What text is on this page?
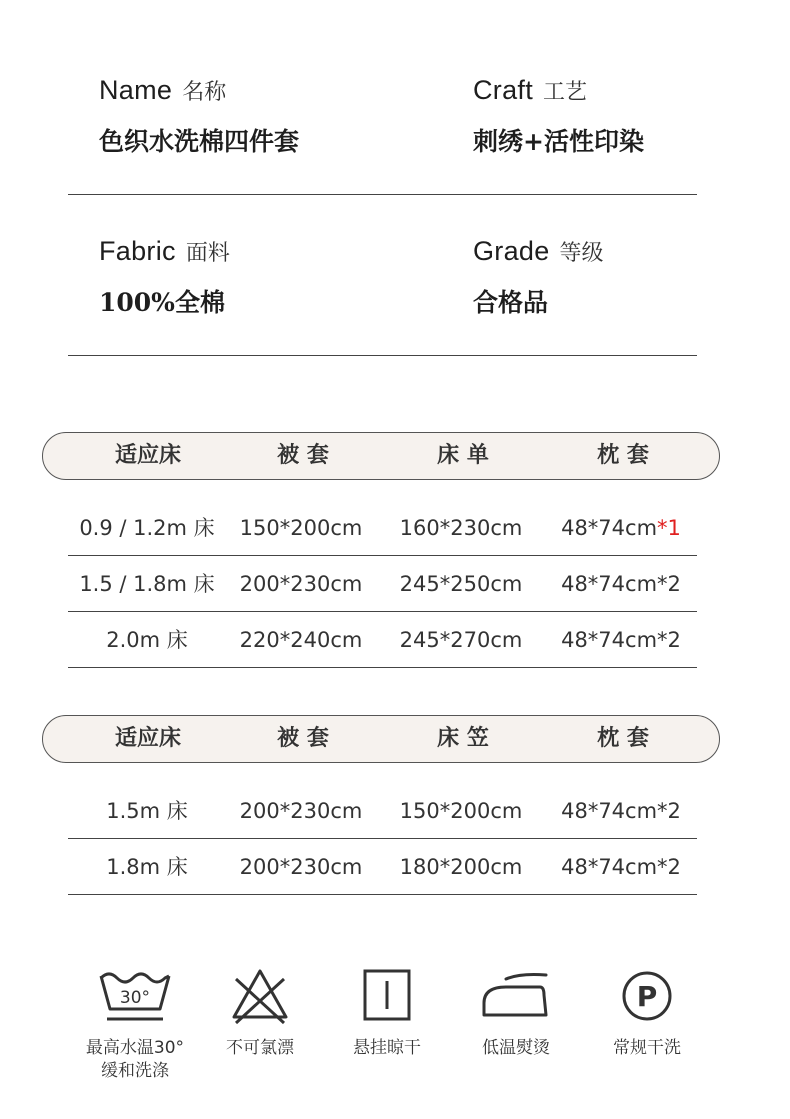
Name 名称
色织水洗棉四件套
Craft 工艺
刺绣+活性印染
Fabric 面料
100%全棉
Grade 等级
合格品
适应床	被 套	床 单	枕 套
0.9 / 1.2m 床	150*200cm	160*230cm	48*74cm*1
1.5 / 1.8m 床	200*230cm	245*250cm	48*74cm*2
2.0m 床	220*240cm	245*270cm	48*74cm*2
适应床	被 套	床 笠	枕 套
1.5m 床	200*230cm	150*200cm	48*74cm*2
1.8m 床	200*230cm	180*200cm	48*74cm*2
30°
最高水温30°
缓和洗涤
不可氯漂	悬挂晾干	低温熨烫
P
常规干洗
